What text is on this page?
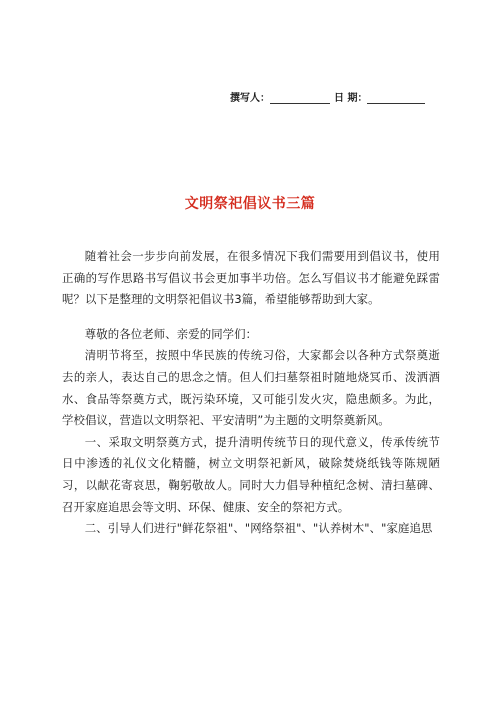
撰写人：	日 期：
文明祭祀倡议书三篇

随着社会一步步向前发展，在很多情况下我们需要用到倡议书，使用正确的写作思路书写倡议书会更加事半功倍。怎么写倡议书才能避免踩雷呢？以下是整理的文明祭祀倡议书3篇，希望能够帮助到大家。

尊敬的各位老师、亲爱的同学们：

清明节将至，按照中华民族的传统习俗，大家都会以各种方式祭奠逝去的亲人，表达自己的思念之情。但人们扫墓祭祖时随地烧冥币、泼洒酒水、食品等祭奠方式，既污染环境，又可能引发火灾，隐患颇多。为此，学校倡议，营造以文明祭祀、平安清明”为主题的文明祭奠新风。

一、采取文明祭奠方式，提升清明传统节日的现代意义，传承传统节日中渗透的礼仪文化精髓，树立文明祭祀新风，破除焚烧纸钱等陈规陋习，以献花寄哀思，鞠躬敬故人。同时大力倡导种植纪念树、清扫墓碑、召开家庭追思会等文明、环保、健康、安全的祭祀方式。

二、引导人们进行"鲜花祭祖"、"网络祭祖"、"认养树木"、"家庭追思
